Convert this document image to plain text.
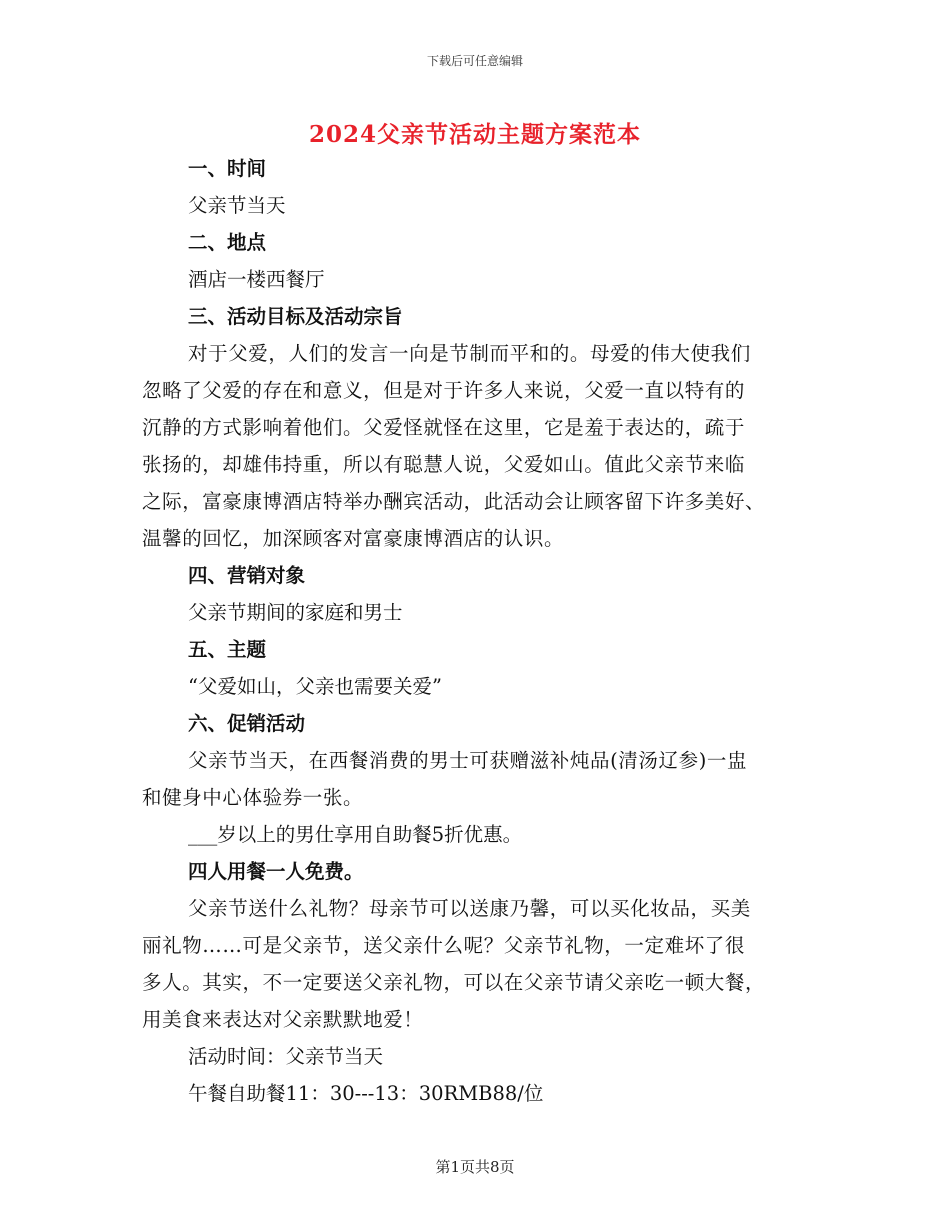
下载后可任意编辑
2024父亲节活动主题方案范本
一、时间
父亲节当天
二、地点
酒店一楼西餐厅
三、活动目标及活动宗旨
对于父爱，人们的发言一向是节制而平和的。母爱的伟大使我们
忽略了父爱的存在和意义，但是对于许多人来说，父爱一直以特有的
沉静的方式影响着他们。父爱怪就怪在这里，它是羞于表达的，疏于
张扬的，却雄伟持重，所以有聪慧人说，父爱如山。值此父亲节来临
之际，富豪康博酒店特举办酬宾活动，此活动会让顾客留下许多美好、
温馨的回忆，加深顾客对富豪康博酒店的认识。
四、营销对象
父亲节期间的家庭和男士
五、主题
“父爱如山，父亲也需要关爱”
六、促销活动
父亲节当天，在西餐消费的男士可获赠滋补炖品(清汤辽参)一盅
和健身中心体验券一张。
___岁以上的男仕享用自助餐5折优惠。
四人用餐一人免费。
父亲节送什么礼物？母亲节可以送康乃馨，可以买化妆品，买美
丽礼物……可是父亲节，送父亲什么呢？父亲节礼物，一定难坏了很
多人。其实，不一定要送父亲礼物，可以在父亲节请父亲吃一顿大餐，
用美食来表达对父亲默默地爱！
活动时间：父亲节当天
午餐自助餐11：30---13：30RMB88/位
第1页共8页
